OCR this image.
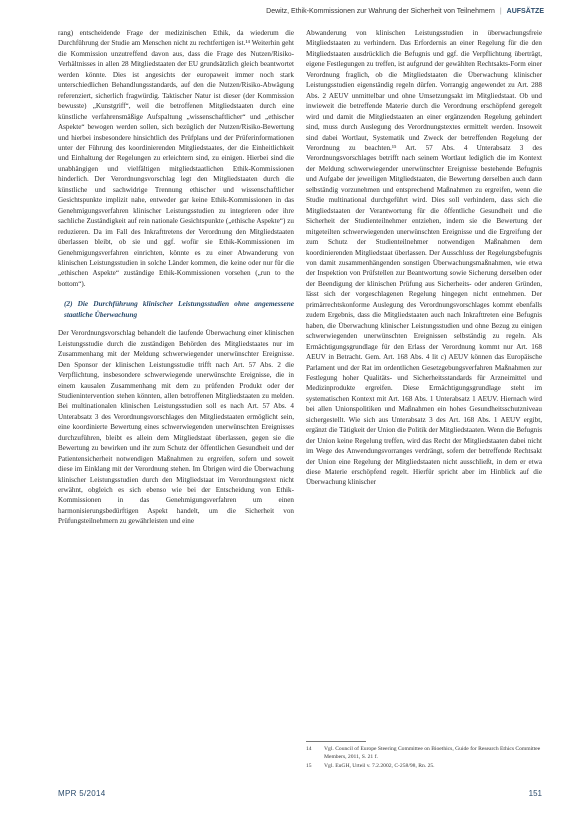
Dewitz, Ethik-Kommissionen zur Wahrung der Sicherheit von Teilnehmern | AUFSÄTZE

rang) entscheidende Frage der medizinischen Ethik, da wiederum die Durchführung der Studie am Menschen nicht zu rechtfertigen ist.¹⁴ Weiterhin geht die Kommission unzutreffend davon aus, dass die Frage des Nutzen/Risiko-Verhältnisses in allen 28 Mitgliedstaaten der EU grundsätzlich gleich beantwortet werden könnte. Dies ist angesichts der europaweit immer noch stark unterschiedlichen Behandlungsstandards, auf den die Nutzen/Risiko-Abwägung referenziert, sicherlich fragwürdig. Taktischer Natur ist dieser (der Kommission bewusste) „Kunstgriff“, weil die betroffenen Mitgliedstaaten durch eine künstliche verfahrensmäßige Aufspaltung „wissenschaftlicher“ und „ethischer Aspekte“ bewogen werden sollen, sich bezüglich der Nutzen/Risiko-Bewertung und hierbei insbesondere hinsichtlich des Prüfplans und der Prüferinformationen unter der Führung des koordinierenden Mitgliedstaates, der die Einheitlichkeit und Einhaltung der Regelungen zu erleichtern sind, zu einigen. Hierbei sind die unabhängigen und vielfältigen mitgliedstaatlichen Ethik-Kommissionen hinderlich. Der Verordnungsvorschlag legt den Mitgliedstaaten durch die künstliche und sachwidrige Trennung ethischer und wissenschaftlicher Gesichtspunkte implizit nahe, entweder gar keine Ethik-Kommissionen in das Genehmigungsverfahren klinischer Leistungsstudien zu integrieren oder ihre sachliche Zuständigkeit auf rein nationale Gesichtspunkte („ethische Aspekte“) zu reduzieren. Da im Fall des Inkrafttretens der Verordnung den Mitgliedstaaten überlassen bleibt, ob sie und ggf. wofür sie Ethik-Kommissionen im Genehmigungsverfahren einrichten, könnte es zu einer Abwanderung von klinischen Leistungsstudien in solche Länder kommen, die keine oder nur für die „ethischen Aspekte“ zuständige Ethik-Kommissionen vorsehen („run to the bottom“).

(2) Die Durchführung klinischer Leistungsstudien ohne angemessene staatliche Überwachung

Der Verordnungsvorschlag behandelt die laufende Überwachung einer klinischen Leistungsstudie durch die zuständigen Behörden des Mitgliedstaates nur im Zusammenhang mit der Meldung schwerwiegender unerwünschter Ereignisse. Den Sponsor der klinischen Leistungsstudie trifft nach Art. 57 Abs. 2 die Verpflichtung, insbesondere schwerwiegende unerwünschte Ereignisse, die in einem kausalen Zusammenhang mit dem zu prüfenden Produkt oder der Studienintervention stehen könnten, allen betroffenen Mitgliedstaaten zu melden. Bei multinationalen klinischen Leistungsstudien soll es nach Art. 57 Abs. 4 Unterabsatz 3 des Verordnungsvorschlages den Mitgliedstaaten ermöglicht sein, eine koordinierte Bewertung eines schwerwiegenden unerwünschten Ereignisses durchzuführen, bleibt es allein dem Mitgliedstaat überlassen, gegen sie die Bewertung zu bewirken und ihr zum Schutz der öffentlichen Gesundheit und der Patientensicherheit notwendigen Maßnahmen zu ergreifen, sofern und soweit diese im Einklang mit der Verordnung stehen. Im Übrigen wird die Überwachung klinischer Leistungsstudien durch den Mitgliedstaat im Verordnungstext nicht erwähnt, obgleich es sich ebenso wie bei der Entscheidung von Ethik-Kommissionen in das Genehmigungsverfahren um einen harmonisierungsbedürftigen Aspekt handelt, um die Sicherheit von Prüfungsteilnehmern zu gewährleisten und eine

Abwanderung von klinischen Leistungsstudien in überwachungsfreie Mitgliedstaaten zu verhindern. Das Erfordernis an einer Regelung für die den Mitgliedstaaten ausdrücklich die Befugnis und ggf. die Verpflichtung überträgt, eigene Festlegungen zu treffen, ist aufgrund der gewählten Rechtsakts-Form einer Verordnung fraglich, ob die Mitgliedstaaten die Überwachung klinischer Leistungsstudien eigenständig regeln dürfen. Vorrangig angewendet zu Art. 288 Abs. 2 AEUV unmittelbar und ohne Umsetzungsakt im Mitgliedstaat. Ob und inwieweit die betreffende Materie durch die Verordnung erschöpfend geregelt wird und damit die Mitgliedstaaten an einer ergänzenden Regelung gehindert sind, muss durch Auslegung des Verordnungstextes ermittelt werden. Insoweit sind dabei Wortlaut, Systematik und Zweck der betreffenden Regelung der Verordnung zu beachten.¹⁵ Art. 57 Abs. 4 Unterabsatz 3 des Verordnungsvorschlages betrifft nach seinem Wortlaut lediglich die im Kontext der Meldung schwerwiegender unerwünschter Ereignisse bestehende Befugnis und Aufgabe der jeweiligen Mitgliedstaaten, die Bewertung derselben auch dann selbständig vorzunehmen und entsprechend Maßnahmen zu ergreifen, wenn die Studie multinational durchgeführt wird. Dies soll verhindern, dass sich die Mitgliedstaaten der Verantwortung für die öffentliche Gesundheit und die Sicherheit der Studienteilnehmer entziehen, indem sie die Bewertung der mitgeteilten schwerwiegenden unerwünschten Ereignisse und die Ergreifung der zum Schutz der Studienteilnehmer notwendigen Maßnahmen dem koordinierenden Mitgliedstaat überlassen. Der Ausschluss der Regelungsbefugnis von damit zusammenhängenden sonstigen Überwachungsmaßnahmen, wie etwa der Inspektion von Prüfstellen zur Beantwortung sowie Sicherung derselben oder der Beendigung der klinischen Prüfung aus Sicherheits- oder anderen Gründen, lässt sich der vorgeschlagenen Regelung hingegen nicht entnehmen. Der primärrechtskonforme Auslegung des Verordnungsvorschlages kommt ebenfalls zudem Ergebnis, dass die Mitgliedstaaten auch nach Inkrafttreten eine Befugnis haben, die Überwachung klinischer Leistungsstudien und ohne Bezug zu einigen schwerwiegenden unerwünschten Ereignissen selbständig zu regeln. Als Ermächtigungsgrundlage für den Erlass der Verordnung kommt nur Art. 168 AEUV in Betracht. Gem. Art. 168 Abs. 4 lit c) AEUV können das Europäische Parlament und der Rat im ordentlichen Gesetzgebungsverfahren Maßnahmen zur Festlegung hoher Qualitäts- und Sicherheitsstandards für Arzneimittel und Medizinprodukte ergreifen. Diese Ermächtigungsgrundlage steht im systematischen Kontext mit Art. 168 Abs. 1 Unterabsatz 1 AEUV. Hiernach wird bei allen Unionspolitiken und Maßnahmen ein hohes Gesundheitsschutzniveau sichergestellt. Wie sich aus Unterabsatz 3 des Art. 168 Abs. 1 AEUV ergibt, ergänzt die Tätigkeit der Union die Politik der Mitgliedstaaten. Wenn die Befugnis der Union keine Regelung treffen, wird das Recht der Mitgliedstaaten dabei nicht im Wege des Anwendungsvorranges verdrängt, sofern der betreffende Rechtsakt der Union eine Regelung der Mitgliedstaaten nicht ausschließt, in dem er etwa diese Materie erschöpfend regelt. Hierfür spricht aber im Hinblick auf die Überwachung klinischer

14	Vgl. Council of Europe Steering Committee on Bioethics, Guide for Research Ethics Committee Members, 2011, S. 21 f.
15	Vgl. EuGH, Urteil v. 7.2.2002, C-258/98, Rn. 25.
MPR 5/2014	151
